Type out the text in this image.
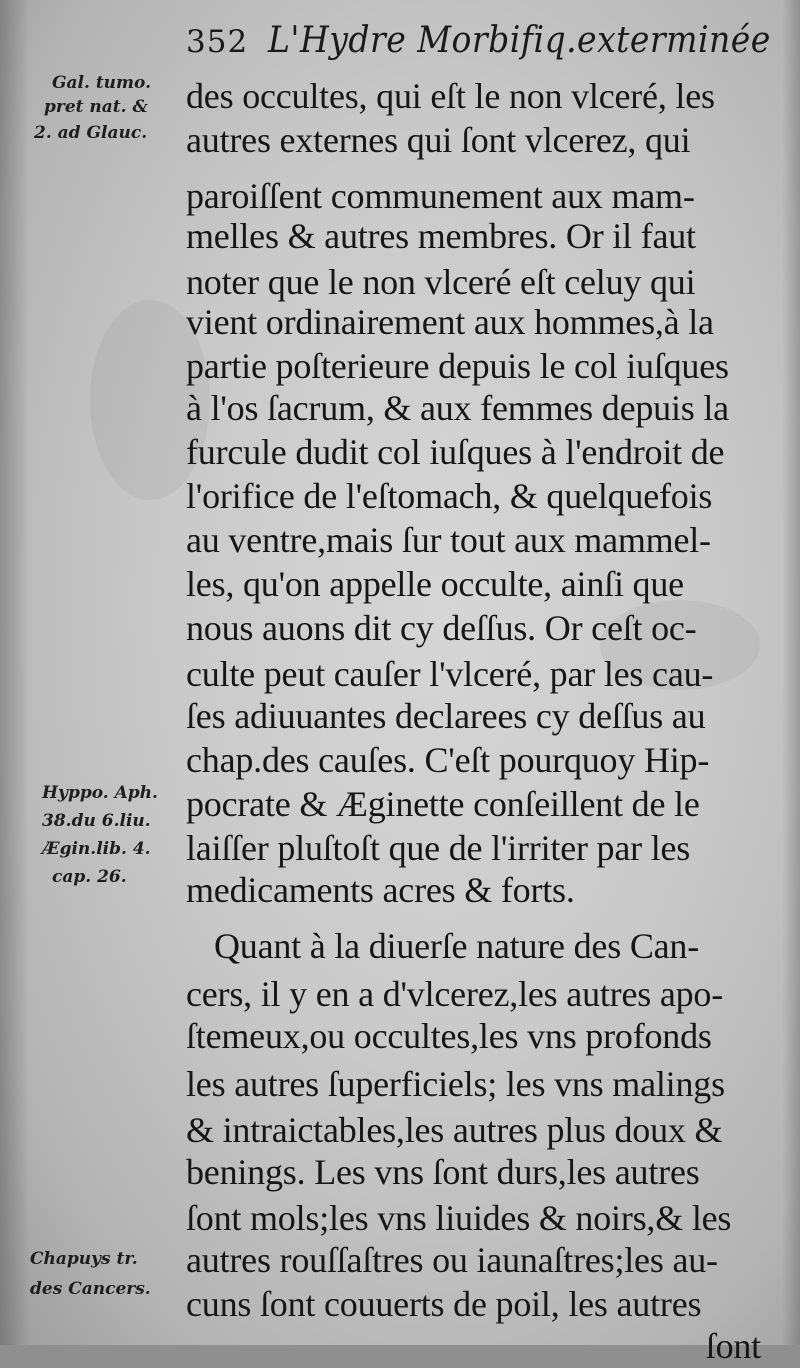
352 L'Hydre Morbifiq.exterminée
Gal. tumo.
pret nat. &
2. ad Glauc.
Hyppo. Aph.
38.du 6.liu.
Ægin.lib. 4.
cap. 26.
Chapuys tr.
des Cancers.
des occultes, qui eſt le non vlceré, les
autres externes qui ſont vlcerez, qui
paroiſſent communement aux mam-
melles & autres membres. Or il faut
noter que le non vlceré eſt celuy qui
vient ordinairement aux hommes,à la
partie poſterieure depuis le col iuſques
à l'os ſacrum, & aux femmes depuis la
furcule dudit col iuſques à l'endroit de
l'orifice de l'eſtomach, & quelquefois
au ventre,mais ſur tout aux mammel-
les, qu'on appelle occulte, ainſi que
nous auons dit cy deſſus. Or ceſt oc-
culte peut cauſer l'vlceré, par les cau-
ſes adiuuantes declarees cy deſſus au
chap.des cauſes. C'eſt pourquoy Hip-
pocrate & Æginette conſeillent de le
laiſſer pluſtoſt que de l'irriter par les
medicaments acres & forts.
Quant à la diuerſe nature des Can-
cers, il y en a d'vlcerez,les autres apo-
ſtemeux,ou occultes,les vns profonds
les autres ſuperficiels; les vns malings
& intraictables,les autres plus doux &
benings. Les vns ſont durs,les autres
ſont mols;les vns liuides & noirs,& les
autres rouſſaſtres ou iaunaſtres;les au-
cuns ſont couuerts de poil, les autres
ſont
